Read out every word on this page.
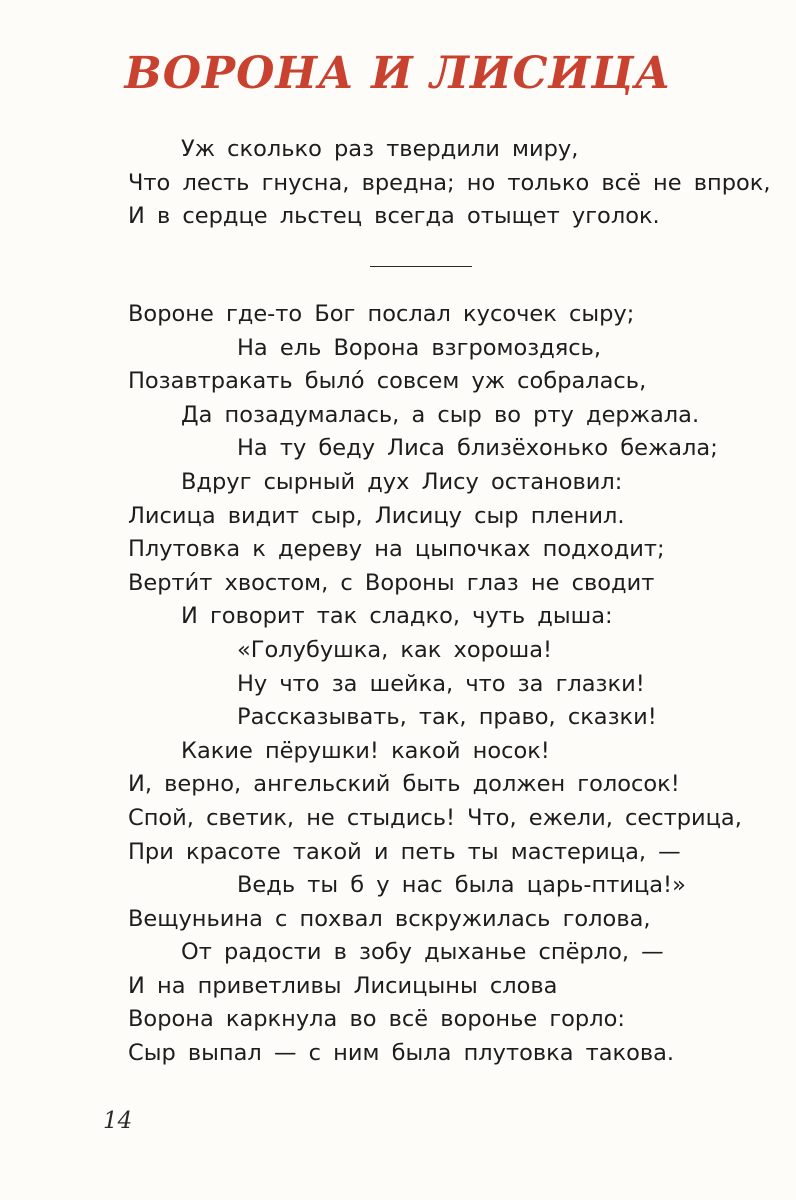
ВОРОНА И ЛИСИЦА
Уж сколько раз твердили миру,
Что лесть гнусна, вредна; но только всё не впрок,
И в сердце льстец всегда отыщет уголок.
Вороне где-то Бог послал кусочек сыру;
На ель Ворона взгромоздясь,
Позавтракать было́ совсем уж собралась,
Да позадумалась, а сыр во рту держала.
На ту беду Лиса близёхонько бежала;
Вдруг сырный дух Лису остановил:
Лисица видит сыр, Лисицу сыр пленил.
Плутовка к дереву на цыпочках подходит;
Верти́т хвостом, с Вороны глаз не сводит
И говорит так сладко, чуть дыша:
«Голубушка, как хороша!
Ну что за шейка, что за глазки!
Рассказывать, так, право, сказки!
Какие пёрушки! какой носок!
И, верно, ангельский быть должен голосок!
Спой, светик, не стыдись! Что, ежели, сестрица,
При красоте такой и петь ты мастерица, —
Ведь ты б у нас была царь-птица!»
Вещуньина с похвал вскружилась голова,
От радости в зобу дыханье спёрло, —
И на приветливы Лисицыны слова
Ворона каркнула во всё воронье горло:
Сыр выпал — с ним была плутовка такова.
14
